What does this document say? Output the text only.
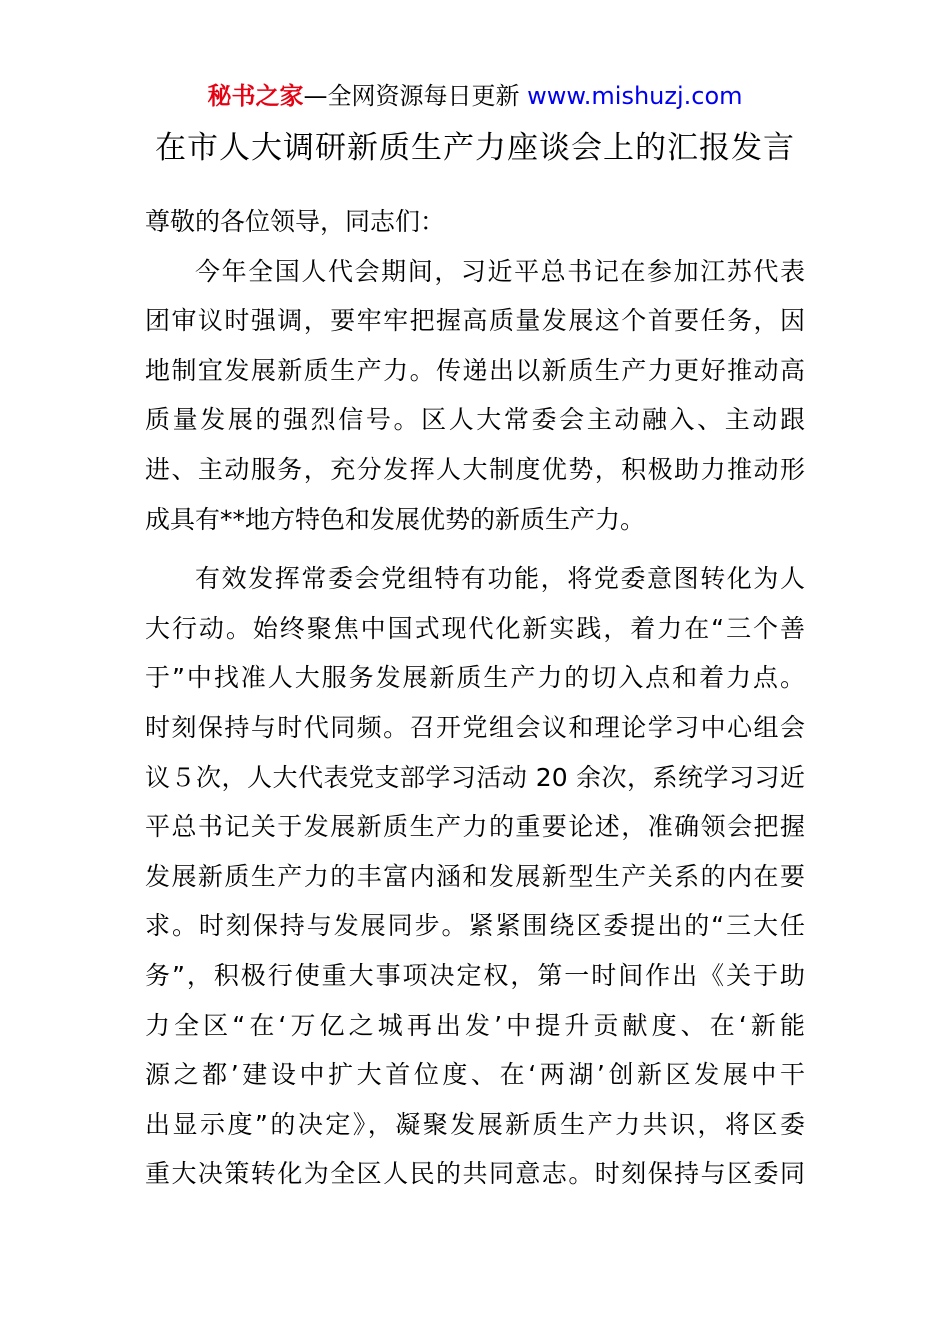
秘书之家—全网资源每日更新 www.mishuzj.com
在市人大调研新质生产力座谈会上的汇报发言
尊敬的各位领导，同志们：
今年全国人代会期间，习近平总书记在参加江苏代表
团审议时强调，要牢牢把握高质量发展这个首要任务，因
地制宜发展新质生产力。传递出以新质生产力更好推动高
质量发展的强烈信号。区人大常委会主动融入、主动跟
进、主动服务，充分发挥人大制度优势，积极助力推动形
成具有**地方特色和发展优势的新质生产力。
有效发挥常委会党组特有功能，将党委意图转化为人
大行动。始终聚焦中国式现代化新实践，着力在“三个善
于”中找准人大服务发展新质生产力的切入点和着力点。
时刻保持与时代同频。召开党组会议和理论学习中心组会
议５次，人大代表党支部学习活动 20 余次，系统学习习近
平总书记关于发展新质生产力的重要论述，准确领会把握
发展新质生产力的丰富内涵和发展新型生产关系的内在要
求。时刻保持与发展同步。紧紧围绕区委提出的“三大任
务”，积极行使重大事项决定权，第一时间作出《关于助
力全区“在‘万亿之城再出发’中提升贡献度、在‘新能
源之都’建设中扩大首位度、在‘两湖’创新区发展中干
出显示度”的决定》，凝聚发展新质生产力共识，将区委
重大决策转化为全区人民的共同意志。时刻保持与区委同
